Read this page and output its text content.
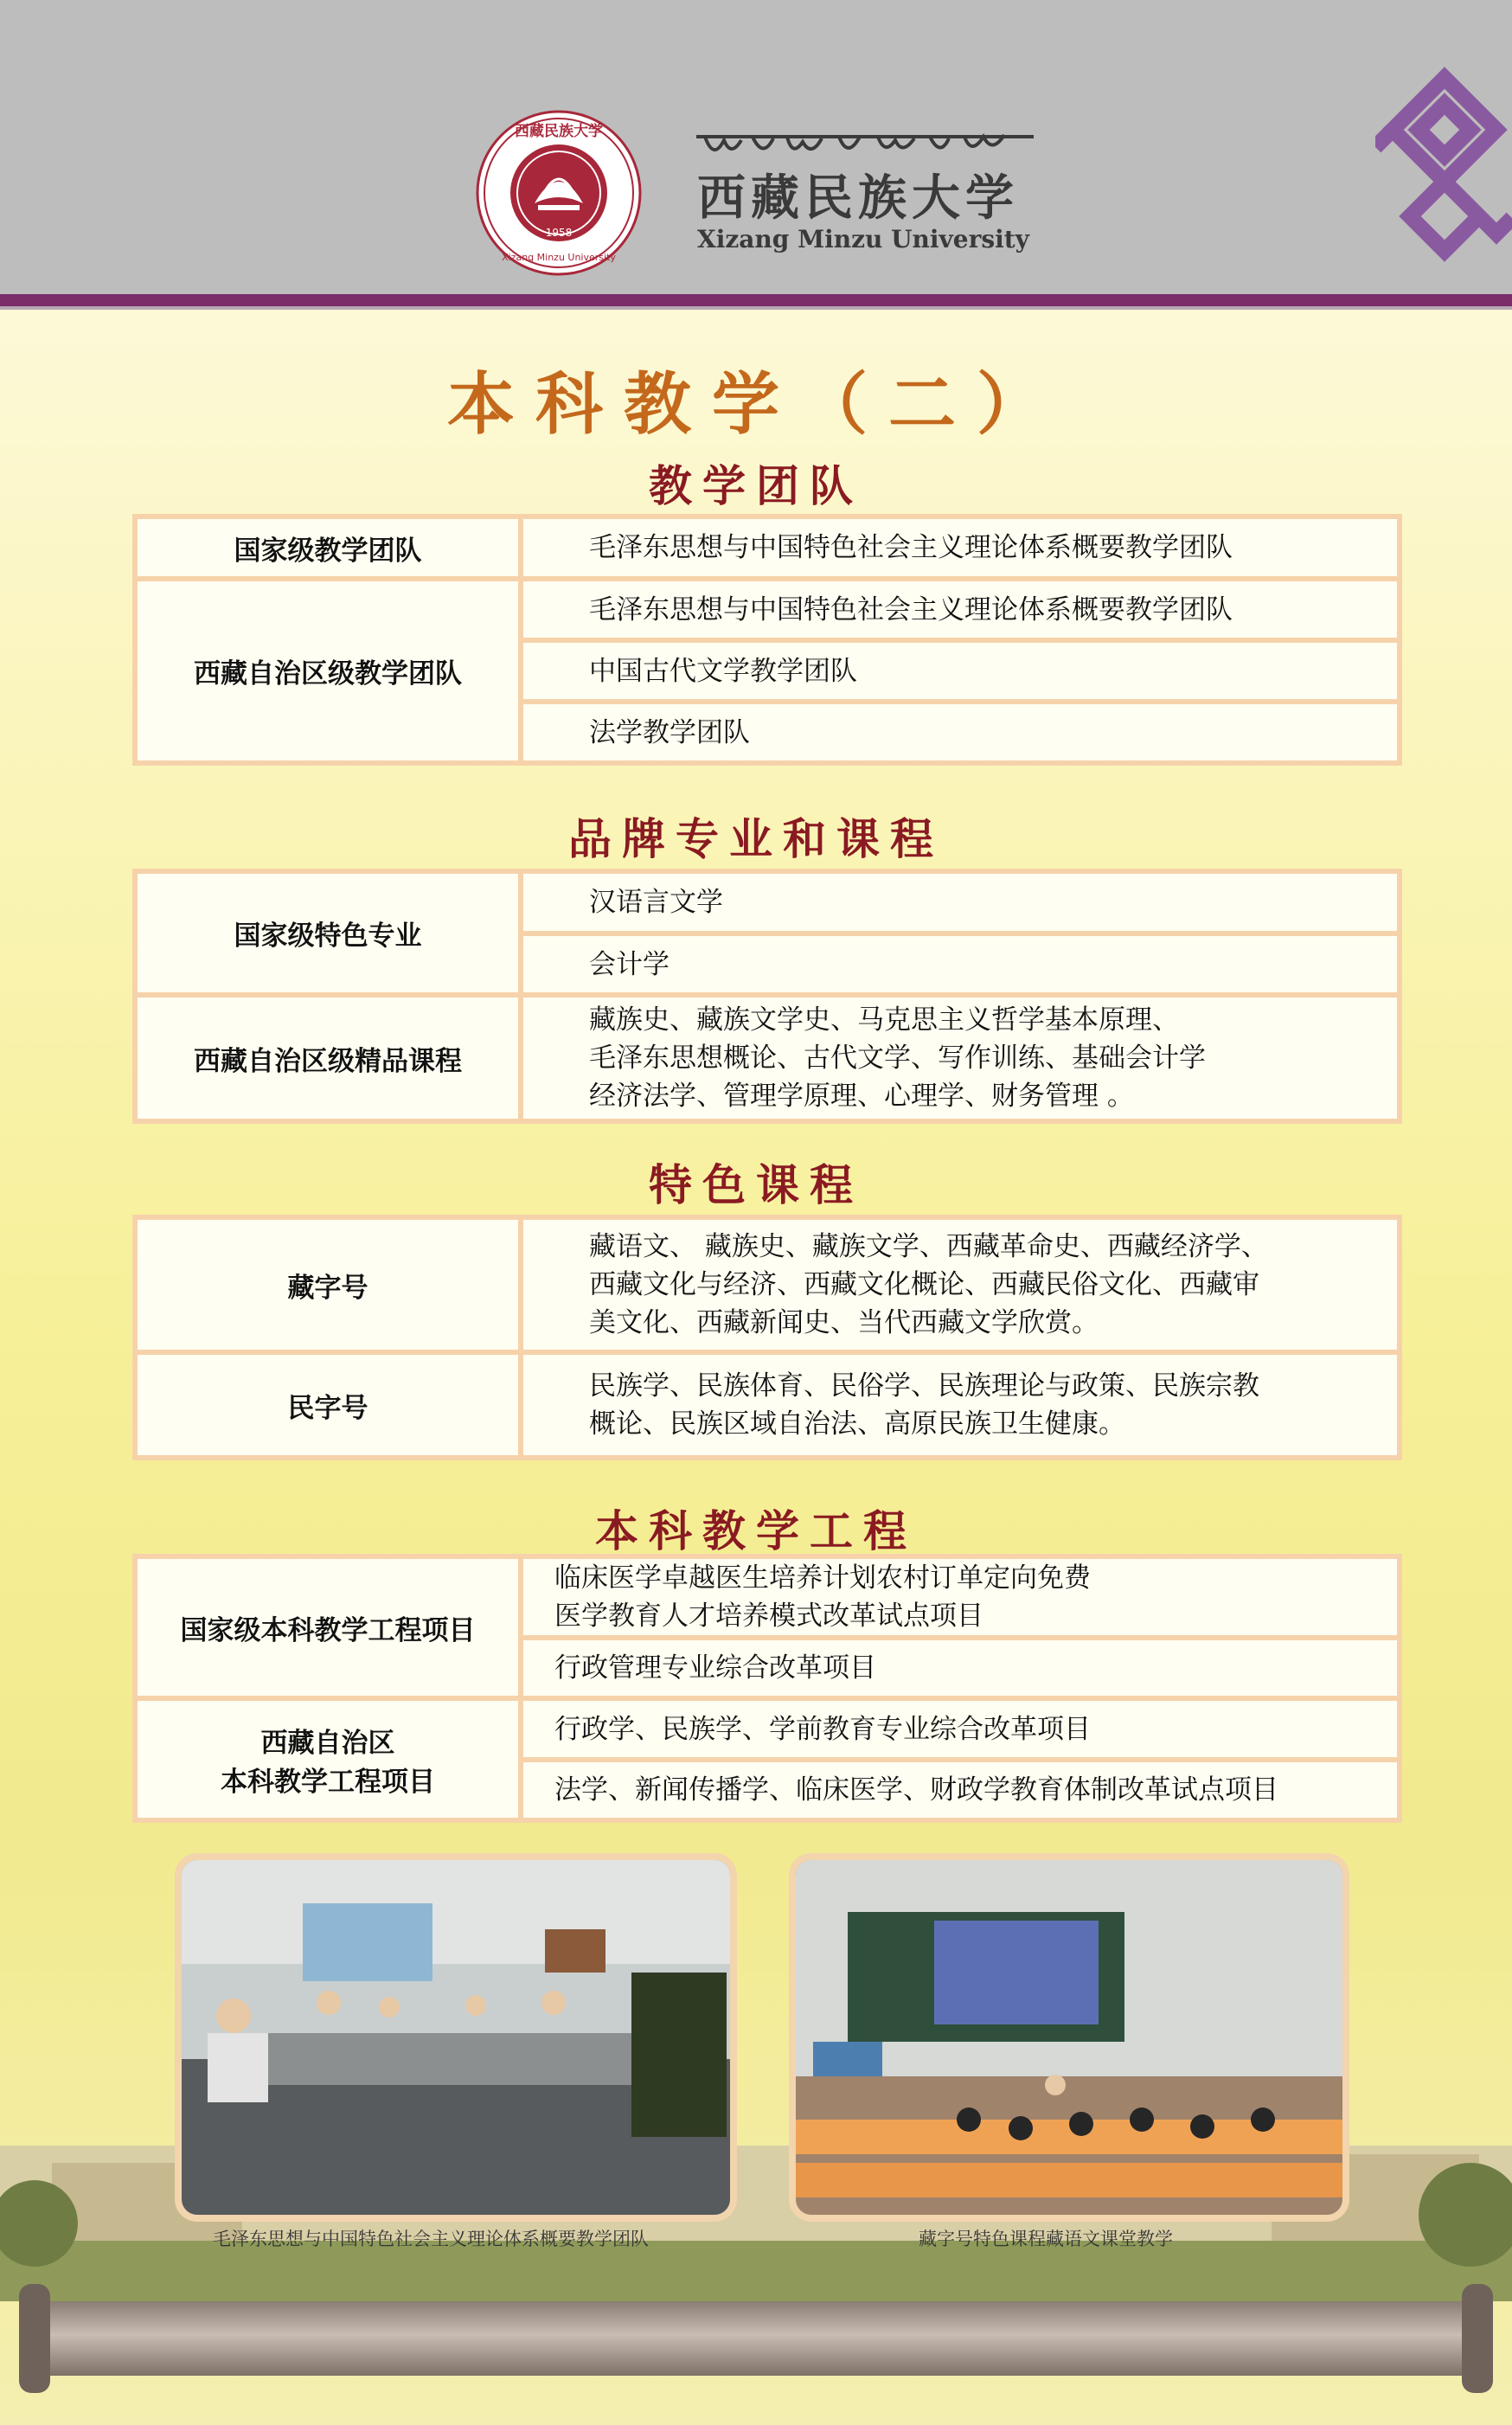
西藏民族大学
1958
Xizang Minzu University
西藏民族大学
Xizang Minzu University
本科教学（二）
教学团队
国家级教学团队	毛泽东思想与中国特色社会主义理论体系概要教学团队
西藏自治区级教学团队	毛泽东思想与中国特色社会主义理论体系概要教学团队
	中国古代文学教学团队
	法学教学团队
品牌专业和课程
国家级特色专业	汉语言文学
	会计学
西藏自治区级精品课程	藏族史、藏族文学史、马克思主义哲学基本原理、
毛泽东思想概论、古代文学、写作训练、基础会计学
经济法学、管理学原理、心理学、财务管理 。
特色课程
藏字号	藏语文、 藏族史、藏族文学、西藏革命史、西藏经济学、
西藏文化与经济、西藏文化概论、西藏民俗文化、西藏审
美文化、西藏新闻史、当代西藏文学欣赏。

民字号	民族学、民族体育、民俗学、民族理论与政策、民族宗教
概论、民族区域自治法、高原民族卫生健康。
本科教学工程
国家级本科教学工程项目	临床医学卓越医生培养计划农村订单定向免费
医学教育人才培养模式改革试点项目

	行政管理专业综合改革项目

西藏自治区
本科教学工程项目	行政学、民族学、学前教育专业综合改革项目
	法学、新闻传播学、临床医学、财政学教育体制改革试点项目
毛泽东思想与中国特色社会主义理论体系概要教学团队	藏字号特色课程藏语文课堂教学
